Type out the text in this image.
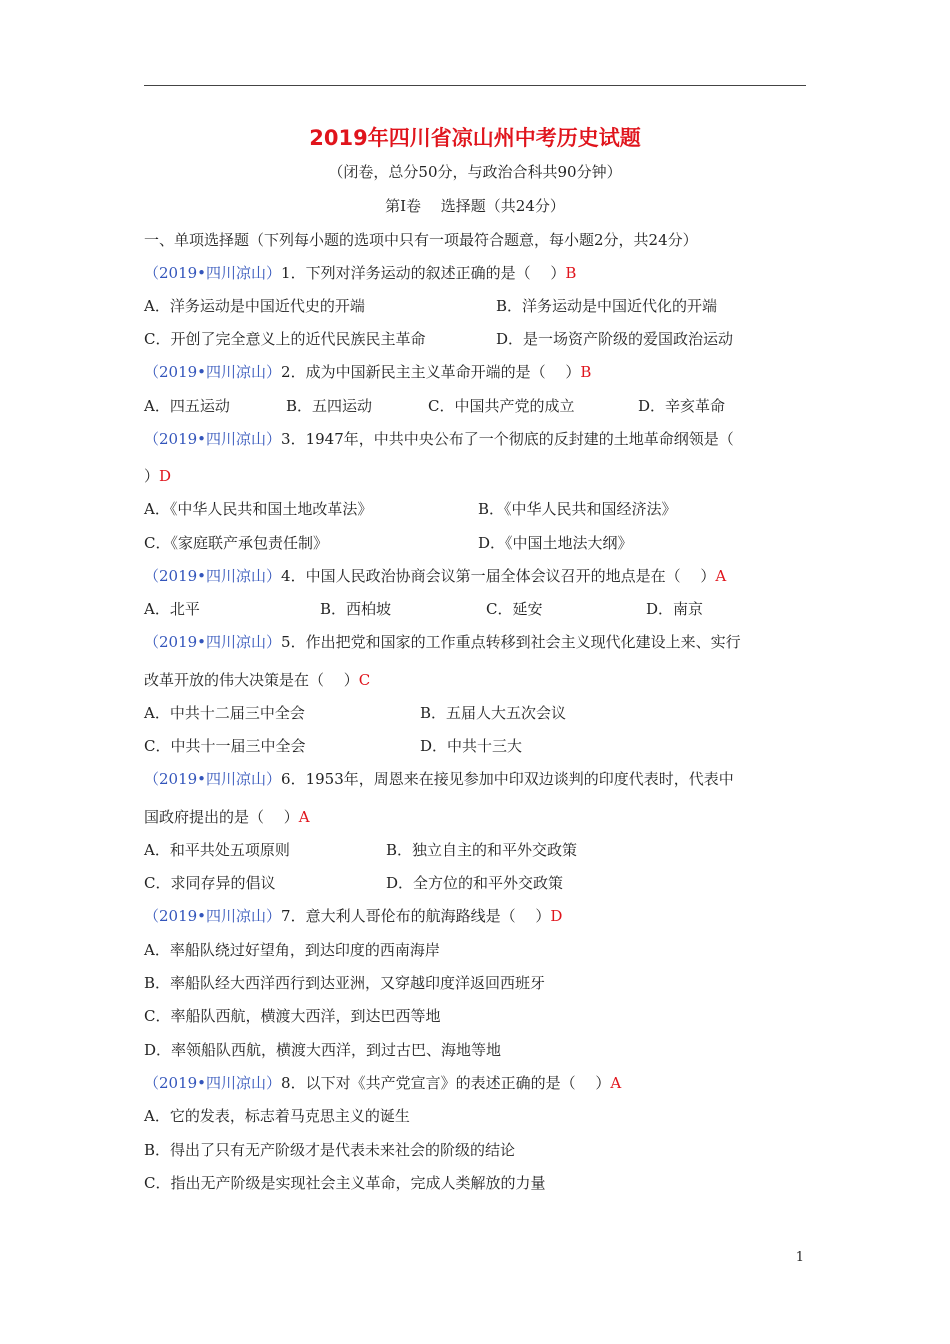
2019年四川省凉山州中考历史试题
（闭卷，总分50分，与政治合科共90分钟）
第Ⅰ卷　 选择题（共24分）
一、单项选择题（下列每小题的选项中只有一项最符合题意，每小题2分，共24分）
（2019•四川凉山）1．下列对洋务运动的叙述正确的是（　 ）B
A．洋务运动是中国近代史的开端	B．洋务运动是中国近代化的开端
C．开创了完全意义上的近代民族民主革命	D．是一场资产阶级的爱国政治运动
（2019•四川凉山）2．成为中国新民主主义革命开端的是（　 ）B
A．四五运动	B．五四运动	C．中国共产党的成立	D．辛亥革命
（2019•四川凉山）3．1947年，中共中央公布了一个彻底的反封建的土地革命纲领是（
）D
A．《中华人民共和国土地改革法》	B．《中华人民共和国经济法》
C．《家庭联产承包责任制》	D．《中国土地法大纲》
（2019•四川凉山）4．中国人民政治协商会议第一届全体会议召开的地点是在（　 ）A
A．北平	B．西柏坡	C．延安	D．南京
（2019•四川凉山）5．作出把党和国家的工作重点转移到社会主义现代化建设上来、实行
改革开放的伟大决策是在（　 ）C
A．中共十二届三中全会	B．五届人大五次会议
C．中共十一届三中全会	D．中共十三大
（2019•四川凉山）6．1953年，周恩来在接见参加中印双边谈判的印度代表时，代表中
国政府提出的是（　 ）A
A．和平共处五项原则	B．独立自主的和平外交政策
C．求同存异的倡议	D．全方位的和平外交政策
（2019•四川凉山）7．意大利人哥伦布的航海路线是（　 ）D
A．率船队绕过好望角，到达印度的西南海岸
B．率船队经大西洋西行到达亚洲，又穿越印度洋返回西班牙
C．率船队西航，横渡大西洋，到达巴西等地
D．率领船队西航，横渡大西洋，到过古巴、海地等地
（2019•四川凉山）8．以下对《共产党宣言》的表述正确的是（　 ）A
A．它的发表，标志着马克思主义的诞生
B．得出了只有无产阶级才是代表未来社会的阶级的结论
C．指出无产阶级是实现社会主义革命，完成人类解放的力量
1
